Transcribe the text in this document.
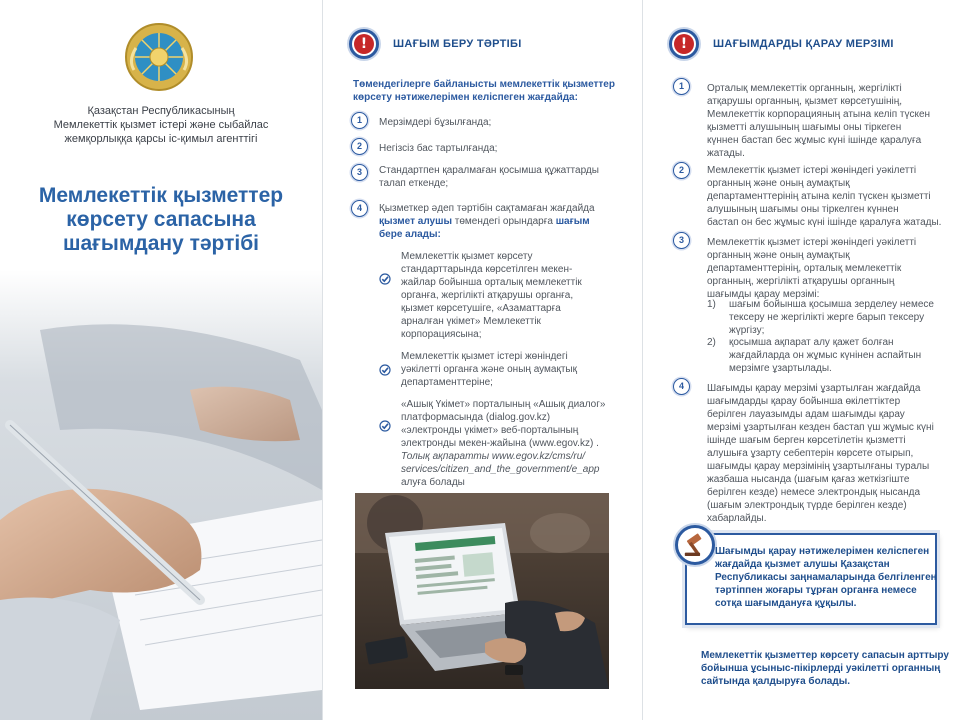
Қазақстан Республикасының
Мемлекеттік қызмет істері және сыбайлас
жемқорлыққа қарсы іс-қимыл агенттігі
Мемлекеттік қызметтер
көрсету сапасына
шағымдану тәртібі
!	ШАҒЫМ БЕРУ ТӘРТІБІ
Төмендегілерге байланысты мемлекеттік қызметтер
көрсету нәтижелерімен келіспеген жағдайда:
1	Мерзімдері бұзылғанда;
2	Негізсіз бас тартылғанда;
3	Стандартпен қаралмаған қосымша құжаттарды
талап еткенде;
4	Қызметкер әдеп тәртібін сақтамаған жағдайда
қызмет алушы төмендегі орындарға шағым
бере алады:
Мемлекеттік қызмет көрсету
стандарттарында көрсетілген мекен-
жайлар бойынша орталық мемлекеттік
органға, жергілікті атқарушы органға,
қызмет көрсетушіге, «Азаматтарға
арналған үкімет» Мемлекеттік
корпорациясына;
Мемлекеттік қызмет істері жөніндегі
уәкілетті органға және оның аумақтық
департаменттеріне;
«Ашық Үкімет» порталының «Ашық диалог»
платформасында (dialog.gov.kz)
«электронды үкімет» веб-порталының
электронды мекен-жайына (www.egov.kz) .
Толық ақпаратты www.egov.kz/cms/ru/
services/citizen_and_the_government/e_app
алуға болады
!	ШАҒЫМДАРДЫ ҚАРАУ МЕРЗІМІ
1	Орталық мемлекеттік органның, жергілікті
атқарушы органның, қызмет көрсетушінің,
Мемлекеттік корпорацияның атына келіп түскен
қызметті алушының шағымы оны тіркеген
күннен бастап бес жұмыс күні ішінде қаралуға
жатады.
2	Мемлекеттік қызмет істері жөніндегі уәкілетті
органның және оның аумақтық
департаменттерінің атына келіп түскен қызметті
алушының шағымы оны тіркелген күннен
бастап он бес жұмыс күні ішінде қаралуға жатады.
3	Мемлекеттік қызмет істері жөніндегі уәкілетті
органның және оның аумақтық
департаменттерінің, орталық мемлекеттік
органның, жергілікті атқарушы органның
шағымды қарау мерзімі:
1) шағым бойынша қосымша зерделеу немесе
тексеру не жергілікті жерге барып тексеру
жүргізу;
2) қосымша ақпарат алу қажет болған
жағдайларда он жұмыс күнінен аспайтын
мерзімге ұзартылады.
4	Шағымды қарау мерзімі ұзартылған жағдайда
шағымдарды қарау бойынша өкілеттіктер
берілген лауазымды адам шағымды қарау
мерзімі ұзартылған кезден бастап үш жұмыс күні
ішінде шағым берген көрсетілетін қызметті
алушыға ұзарту себептерін көрсете отырып,
шағымды қарау мерзімінің ұзартылғаны туралы
жазбаша нысанда (шағым қағаз жеткізгіште
берілген кезде) немесе электрондық нысанда
(шағым электрондық түрде берілген кезде)
хабарлайды.
Шағымды қарау нәтижелерімен келіспеген
жағдайда қызмет алушы Қазақстан
Республикасы заңнамаларында белгіленген
тәртіппен жоғары тұрған органға немесе
сотқа шағымдануға құқылы.
Мемлекеттік қызметтер көрсету сапасын арттыру
бойынша ұсыныс-пікірлерді уәкілетті органның
сайтында қалдыруға болады.
